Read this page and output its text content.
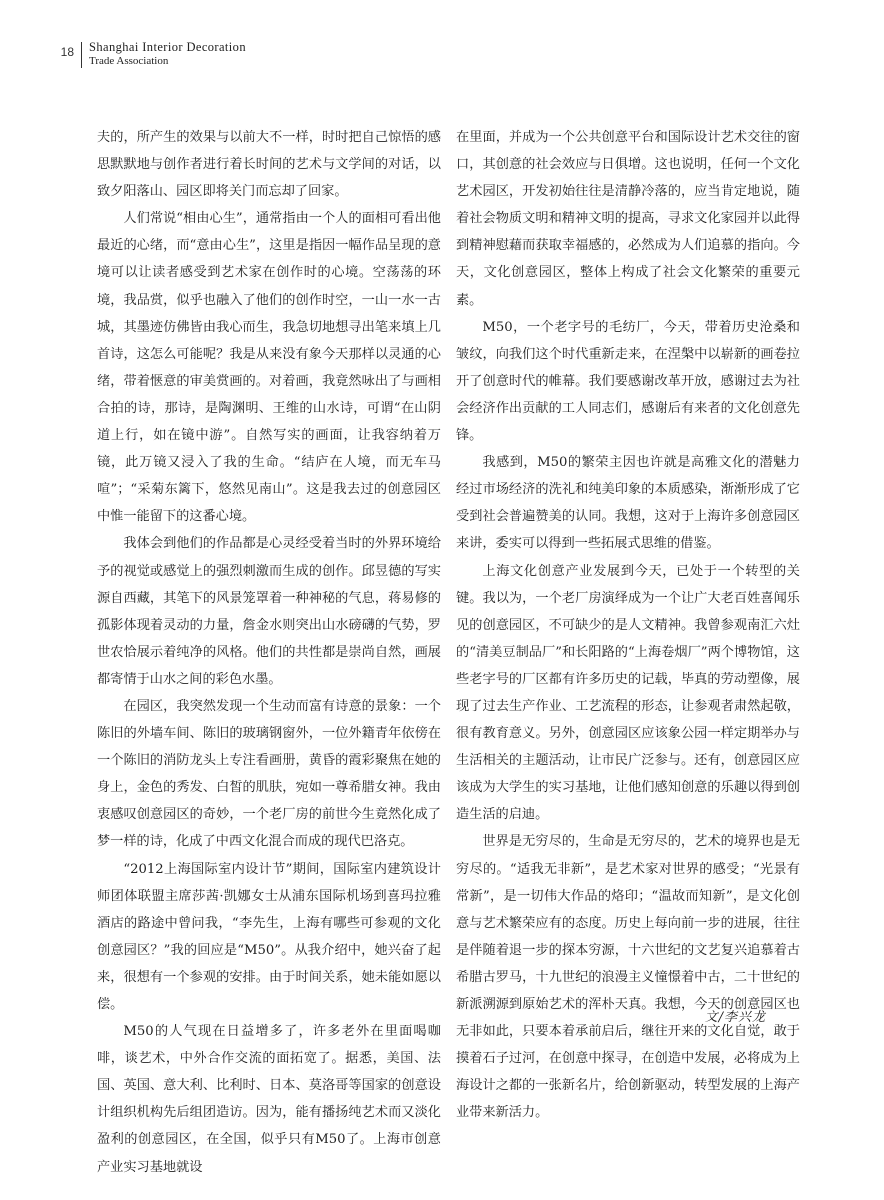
18 Shanghai Interior Decoration
Trade Association

夫的，所产生的效果与以前大不一样，时时把自己惊悟的感思默默地与创作者进行着长时间的艺术与文学间的对话，以致夕阳落山、园区即将关门而忘却了回家。

人们常说“相由心生”，通常指由一个人的面相可看出他最近的心绪，而“意由心生”，这里是指因一幅作品呈现的意境可以让读者感受到艺术家在创作时的心境。空荡荡的环境，我品赏，似乎也融入了他们的创作时空，一山一水一古城，其墨迹仿佛皆由我心而生，我急切地想寻出笔来填上几首诗，这怎么可能呢？我是从来没有象今天那样以灵通的心绪，带着惬意的审美赏画的。对着画，我竟然咏出了与画相合拍的诗，那诗，是陶渊明、王维的山水诗，可谓“在山阴道上行，如在镜中游”。自然写实的画面，让我容纳着万镜，此万镜又浸入了我的生命。“结庐在人境，而无车马喧”；“采菊东篱下，悠然见南山”。这是我去过的创意园区中惟一能留下的这番心境。

我体会到他们的作品都是心灵经受着当时的外界环境给予的视觉或感觉上的强烈刺激而生成的创作。邱昱德的写实源自西藏，其笔下的风景笼罩着一种神秘的气息，蒋易修的孤影体现着灵动的力量，詹金水则突出山水磅礴的气势，罗世农恰展示着纯净的风格。他们的共性都是崇尚自然，画展都寄情于山水之间的彩色水墨。

在园区，我突然发现一个生动而富有诗意的景象：一个陈旧的外墙车间、陈旧的玻璃钢窗外，一位外籍青年依傍在一个陈旧的消防龙头上专注看画册，黄昏的霞彩聚焦在她的身上，金色的秀发、白皙的肌肤，宛如一尊希腊女神。我由衷感叹创意园区的奇妙，一个老厂房的前世今生竟然化成了梦一样的诗，化成了中西文化混合而成的现代巴洛克。

“2012上海国际室内设计节”期间，国际室内建筑设计师团体联盟主席莎茜·凯娜女士从浦东国际机场到喜玛拉雅酒店的路途中曾问我，“李先生，上海有哪些可参观的文化创意园区？”我的回应是“M50”。从我介绍中，她兴奋了起来，很想有一个参观的安排。由于时间关系，她未能如愿以偿。

M50的人气现在日益增多了，许多老外在里面喝咖啡，谈艺术，中外合作交流的面拓宽了。据悉，美国、法国、英国、意大利、比利时、日本、莫洛哥等国家的创意设计组织机构先后组团造访。因为，能有播扬纯艺术而又淡化盈利的创意园区，在全国，似乎只有M50了。上海市创意产业实习基地就设

在里面，并成为一个公共创意平台和国际设计艺术交往的窗口，其创意的社会效应与日俱增。这也说明，任何一个文化艺术园区，开发初始往往是清静冷落的，应当肯定地说，随着社会物质文明和精神文明的提高，寻求文化家园并以此得到精神慰藉而获取幸福感的，必然成为人们追慕的指向。今天，文化创意园区，整体上构成了社会文化繁荣的重要元素。

M50，一个老字号的毛纺厂，今天，带着历史沧桑和皱纹，向我们这个时代重新走来，在涅槃中以崭新的画卷拉开了创意时代的帷幕。我们要感谢改革开放，感谢过去为社会经济作出贡献的工人同志们，感谢后有来者的文化创意先锋。

我感到，M50的繁荣主因也许就是高雅文化的潜魅力经过市场经济的洗礼和纯美印象的本质感染，渐渐形成了它受到社会普遍赞美的认同。我想，这对于上海许多创意园区来讲，委实可以得到一些拓展式思维的借鉴。

上海文化创意产业发展到今天，已处于一个转型的关键。我以为，一个老厂房演绎成为一个让广大老百姓喜闻乐见的创意园区，不可缺少的是人文精神。我曾参观南汇六灶的“清美豆制品厂”和长阳路的“上海卷烟厂”两个博物馆，这些老字号的厂区都有许多历史的记载，毕真的劳动塑像，展现了过去生产作业、工艺流程的形态，让参观者肃然起敬，很有教育意义。另外，创意园区应该象公园一样定期举办与生活相关的主题活动，让市民广泛参与。还有，创意园区应该成为大学生的实习基地，让他们感知创意的乐趣以得到创造生活的启迪。

世界是无穷尽的，生命是无穷尽的，艺术的境界也是无穷尽的。“适我无非新”，是艺术家对世界的感受；“光景有常新”，是一切伟大作品的烙印；“温故而知新”，是文化创意与艺术繁荣应有的态度。历史上每向前一步的进展，往往是伴随着退一步的探本穷源，十六世纪的文艺复兴追慕着古希腊古罗马，十九世纪的浪漫主义憧憬着中古，二十世纪的新派溯源到原始艺术的浑朴天真。我想，今天的创意园区也无非如此，只要本着承前启后，继往开来的文化自觉，敢于摸着石子过河，在创意中探寻，在创造中发展，必将成为上海设计之都的一张新名片，给创新驱动，转型发展的上海产业带来新活力。

文/李兴龙
